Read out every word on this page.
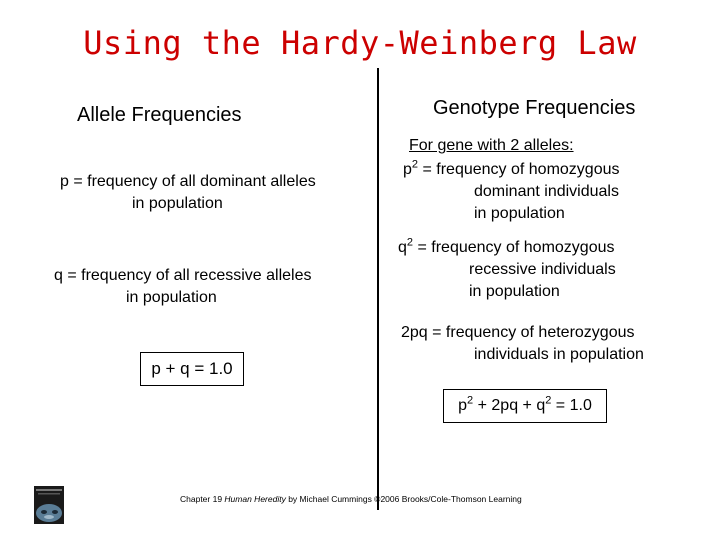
Using the Hardy-Weinberg Law
Allele Frequencies
p = frequency of all dominant alleles
in population
q = frequency of all recessive alleles
in population
p + q = 1.0
Genotype Frequencies
For gene with 2 alleles:
$p^2$ = frequency of homozygous
dominant individuals
in population
$q^2$ = frequency of homozygous
recessive individuals
in population
2pq = frequency of heterozygous
individuals in population
$p^2 + 2pq + q^2 = 1.0$
Chapter 19 Human Heredity by Michael Cummings ©2006 Brooks/Cole-Thomson Learning
